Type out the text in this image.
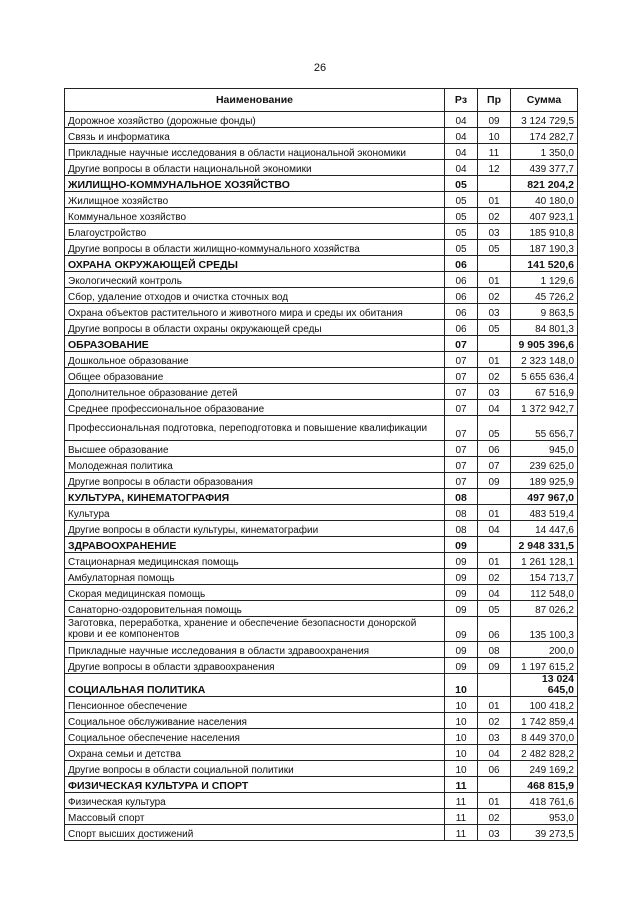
26
Наименование	Рз	Пр	Сумма
Дорожное хозяйство (дорожные фонды)	04	09	3 124 729,5
Связь и информатика	04	10	174 282,7
Прикладные научные исследования в области национальной экономики	04	11	1 350,0
Другие вопросы в области национальной экономики	04	12	439 377,7
ЖИЛИЩНО-КОММУНАЛЬНОЕ ХОЗЯЙСТВО	05		821 204,2
Жилищное хозяйство	05	01	40 180,0
Коммунальное хозяйство	05	02	407 923,1
Благоустройство	05	03	185 910,8
Другие вопросы в области жилищно-коммунального хозяйства	05	05	187 190,3
ОХРАНА ОКРУЖАЮЩЕЙ СРЕДЫ	06		141 520,6
Экологический контроль	06	01	1 129,6
Сбор, удаление отходов и очистка сточных вод	06	02	45 726,2
Охрана объектов растительного и животного мира и среды их обитания	06	03	9 863,5
Другие вопросы в области охраны окружающей среды	06	05	84 801,3
ОБРАЗОВАНИЕ	07		9 905 396,6
Дошкольное образование	07	01	2 323 148,0
Общее образование	07	02	5 655 636,4
Дополнительное образование детей	07	03	67 516,9
Среднее профессиональное образование	07	04	1 372 942,7
Профессиональная подготовка, переподготовка и повышение квалификации	07	05	55 656,7
Высшее образование	07	06	945,0
Молодежная политика	07	07	239 625,0
Другие вопросы в области образования	07	09	189 925,9
КУЛЬТУРА, КИНЕМАТОГРАФИЯ	08		497 967,0
Культура	08	01	483 519,4
Другие вопросы в области культуры, кинематографии	08	04	14 447,6
ЗДРАВООХРАНЕНИЕ	09		2 948 331,5
Стационарная медицинская помощь	09	01	1 261 128,1
Амбулаторная помощь	09	02	154 713,7
Скорая медицинская помощь	09	04	112 548,0
Санаторно-оздоровительная помощь	09	05	87 026,2
Заготовка, переработка, хранение и обеспечение безопасности донорской крови и ее компонентов	09	06	135 100,3
Прикладные научные исследования в области здравоохранения	09	08	200,0
Другие вопросы в области здравоохранения	09	09	1 197 615,2
СОЦИАЛЬНАЯ ПОЛИТИКА	10		13 024 645,0
Пенсионное обеспечение	10	01	100 418,2
Социальное обслуживание населения	10	02	1 742 859,4
Социальное обеспечение населения	10	03	8 449 370,0
Охрана семьи и детства	10	04	2 482 828,2
Другие вопросы в области социальной политики	10	06	249 169,2
ФИЗИЧЕСКАЯ КУЛЬТУРА И СПОРТ	11		468 815,9
Физическая культура	11	01	418 761,6
Массовый спорт	11	02	953,0
Спорт высших достижений	11	03	39 273,5
